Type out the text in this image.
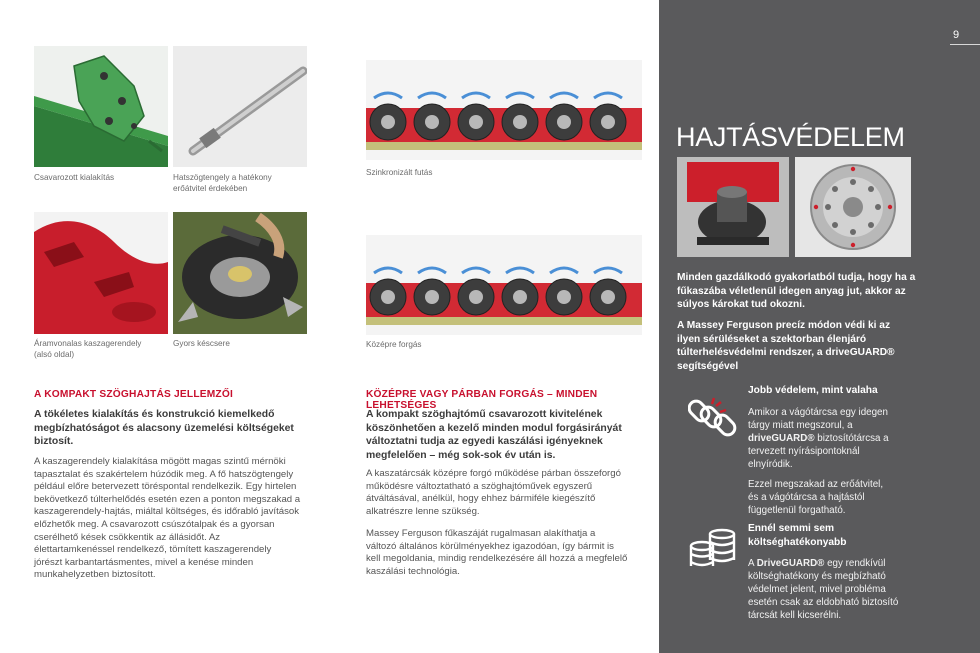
Csavarozott kialakítás	Hatszögtengely a hatékony erőátvitel érdekében
Áramvonalas kaszagerendely (alsó oldal)
Gyors késcsere
Szinkronizált futás
Középre forgás
A KOMPAKT SZÖGHAJTÁS JELLEMZŐI
A tökéletes kialakítás és konstrukció kiemelkedő megbízhatóságot és alacsony üzemelési költségeket biztosít.
A kaszagerendely kialakítása mögött magas szintű mérnöki tapasztalat és szakértelem húzódik meg. A fő hatszögtengely például előre betervezett töréspontal rendelkezik. Egy hirtelen bekövetkező túlterhelődés esetén ezen a ponton megszakad a kaszagerendely-hajtás, miáltal költséges, és időrabló javítások előzhetők meg. A csavarozott csúszótalpak és a gyorsan cserélhető kések csökkentik az állásidőt. Az élettartamkenéssel rendelkező, tömített kaszagerendely jórészt karbantartásmentes, mivel a kenése minden munkahelyzetben biztosított.
KÖZÉPRE VAGY PÁRBAN FORGÁS – MINDEN LEHETSÉGES
A kompakt szöghajtómű csavarozott kivitelének köszönhetően a kezelő minden modul forgásirányát változtatni tudja az egyedi kaszálási igényeknek megfelelően – még sok-sok év után is.
A kaszatárcsák középre forgó működése párban összeforgó működésre változtatható a szöghajtóművek egyszerű átváltásával, anélkül, hogy ehhez bármiféle kiegészítő alkatrészre lenne szükség.
Massey Ferguson fűkaszáját rugalmasan alakíthatja a változó általános körülményekhez igazodóan, így bármit is kell megoldania, mindig rendelkezésére áll hozzá a megfelelő kaszálási technológia.
9
HAJTÁSVÉDELEM
Minden gazdálkodó gyakorlatból tudja, hogy ha a fűkaszába véletlenül idegen anyag jut, akkor az súlyos károkat tud okozni.
A Massey Ferguson precíz módon védi ki az ilyen sérüléseket a szektorban élenjáró túlterhelésvédelmi rendszer, a driveGUARD® segítségével
Jobb védelem, mint valaha
Amikor a vágótárcsa egy idegen tárgy miatt megszorul, a driveGUARD® biztosítótárcsa a tervezett nyírásipontoknál elnyíródik.
Ezzel megszakad az erőátvitel, és a vágótárcsa a hajtástól függetlenül forgatható.
Ennél semmi sem költséghatékonyabb
A DriveGUARD® egy rendkívül költséghatékony és megbízható védelmet jelent, mivel probléma esetén csak az eldobható biztosító tárcsát kell kicserélni.
